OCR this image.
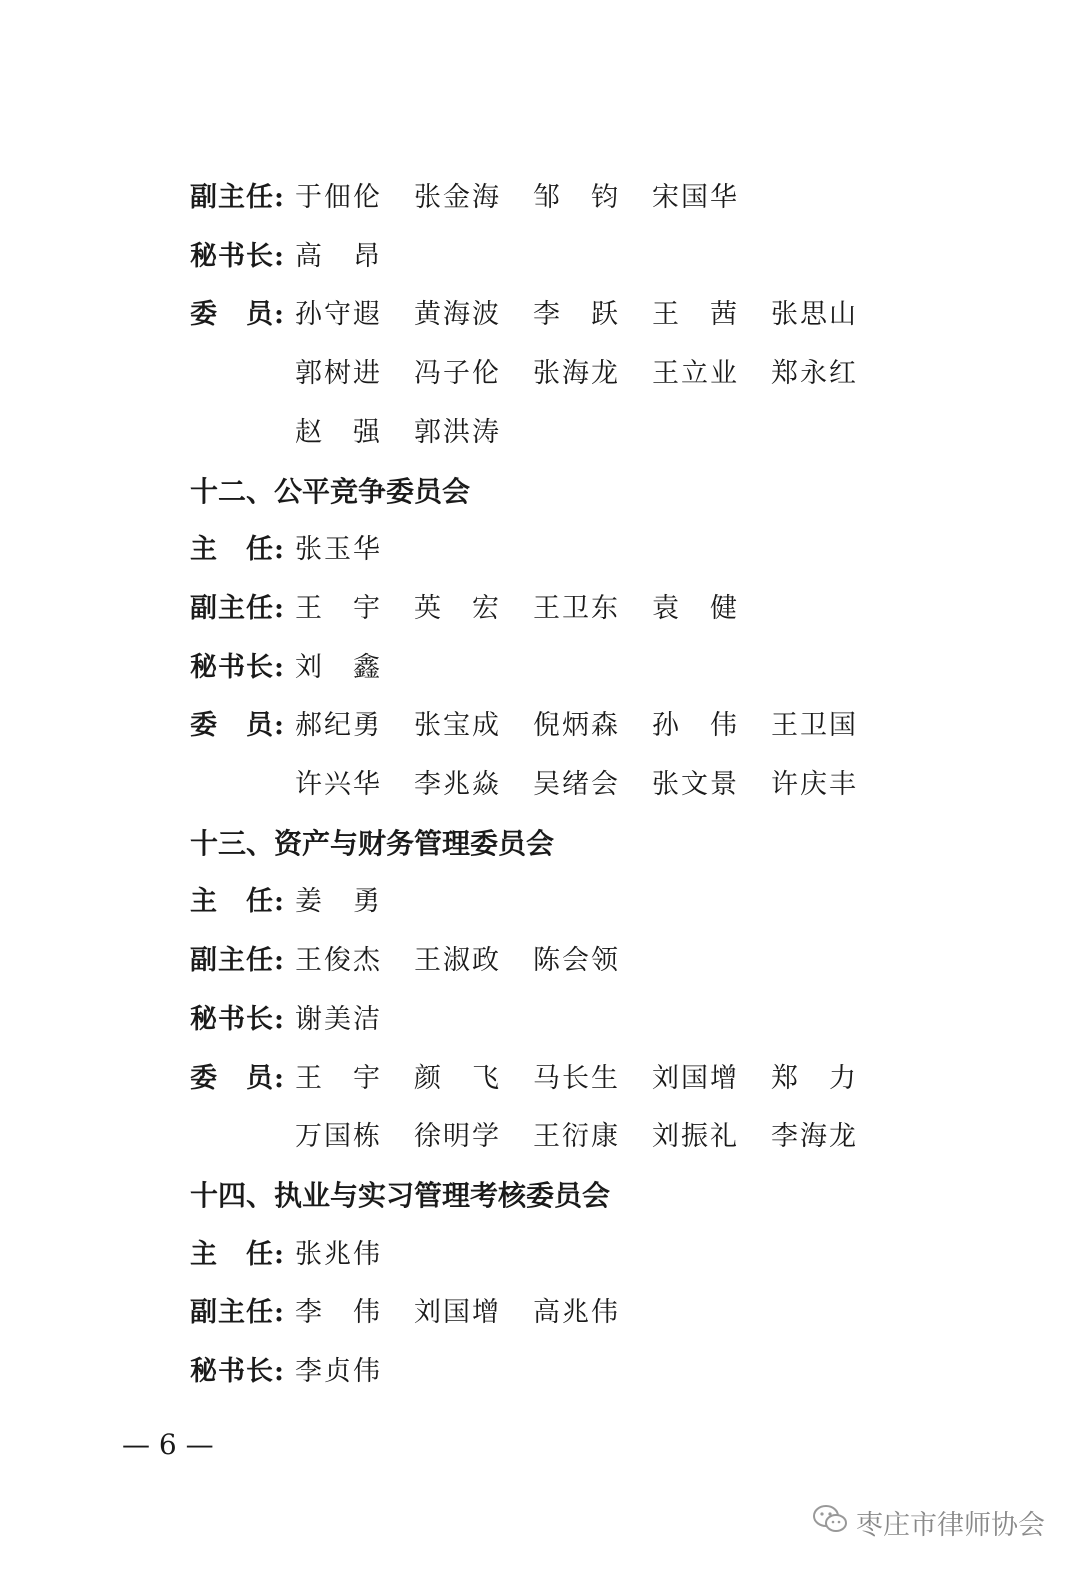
副主任: 于佃伦	张金海	邹　钧	宋国华
秘书长: 高　昂
委　员: 孙守遐	黄海波	李　跃	王　茜	张思山
郭树进	冯子伦	张海龙	王立业	郑永红
赵　强	郭洪涛
十二、公平竞争委员会
主　任: 张玉华
副主任: 王　宇	英　宏	王卫东	袁　健
秘书长: 刘　鑫
委　员: 郝纪勇	张宝成	倪炳森	孙　伟	王卫国
许兴华	李兆焱	吴绪会	张文景	许庆丰
十三、资产与财务管理委员会
主　任: 姜　勇
副主任: 王俊杰	王淑政	陈会领
秘书长: 谢美洁
委　员: 王　宇	颜　飞	马长生	刘国增	郑　力
万国栋	徐明学	王衍康	刘振礼	李海龙
十四、执业与实习管理考核委员会
主　任: 张兆伟
副主任: 李　伟	刘国增	高兆伟
秘书长: 李贞伟
— 6 —
枣庄市律师协会
